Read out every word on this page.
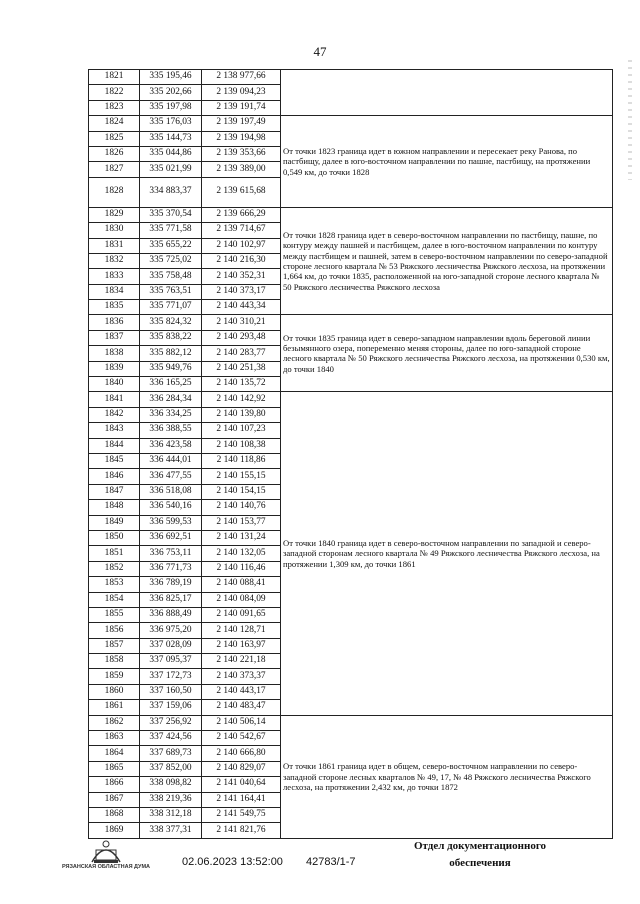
47
1821	335 195,46	2 138 977,66	
1822	335 202,66	2 139 094,23	
1823	335 197,98	2 139 191,74	
1824	335 176,03	2 139 197,49	От точки 1823 граница идет в южном направлении и пересекает реку Ранова, по пастбищу, далее в юго-восточном направлении по пашне, пастбищу, на протяжении 0,549 км, до точки 1828
1825	335 144,73	2 139 194,98	
1826	335 044,86	2 139 353,66	
1827	335 021,99	2 139 389,00	
1828	334 883,37	2 139 615,68	
1829	335 370,54	2 139 666,29	От точки 1828 граница идет в северо-восточном направлении по пастбищу, пашне, по контуру между пашней и пастбищем, далее в юго-восточном направлении по контуру между пастбищем и пашней, затем в северо-восточном направлении по северо-западной стороне лесного квартала № 53 Ряжского лесничества Ряжского лесхоза, на протяжении 1,664 км, до точки 1835, расположенной на юго-западной стороне лесного квартала № 50 Ряжского лесничества Ряжского лесхоза
1830	335 771,58	2 139 714,67	
1831	335 655,22	2 140 102,97	
1832	335 725,02	2 140 216,30	
1833	335 758,48	2 140 352,31	
1834	335 763,51	2 140 373,17	
1835	335 771,07	2 140 443,34	
1836	335 824,32	2 140 310,21	От точки 1835 граница идет в северо-западном направлении вдоль береговой линии безымянного озера, попеременно меняя стороны, далее по юго-западной стороне лесного квартала № 50 Ряжского лесничества Ряжского лесхоза, на протяжении 0,530 км, до точки 1840
1837	335 838,22	2 140 293,48	
1838	335 882,12	2 140 283,77	
1839	335 949,76	2 140 251,38	
1840	336 165,25	2 140 135,72	
1841	336 284,34	2 140 142,92	От точки 1840 граница идет в северо-восточном направлении по западной и северо-западной сторонам лесного квартала № 49 Ряжского лесничества Ряжского лесхоза, на протяжении 1,309 км, до точки 1861
1842	336 334,25	2 140 139,80	
1843	336 388,55	2 140 107,23	
1844	336 423,58	2 140 108,38	
1845	336 444,01	2 140 118,86	
1846	336 477,55	2 140 155,15	
1847	336 518,08	2 140 154,15	
1848	336 540,16	2 140 140,76	
1849	336 599,53	2 140 153,77	
1850	336 692,51	2 140 131,24	
1851	336 753,11	2 140 132,05	
1852	336 771,73	2 140 116,46	
1853	336 789,19	2 140 088,41	
1854	336 825,17	2 140 084,09	
1855	336 888,49	2 140 091,65	
1856	336 975,20	2 140 128,71	
1857	337 028,09	2 140 163,97	
1858	337 095,37	2 140 221,18	
1859	337 172,73	2 140 373,37	
1860	337 160,50	2 140 443,17	
1861	337 159,06	2 140 483,47	
1862	337 256,92	2 140 506,14	От точки 1861 граница идет в общем, северо-восточном направлении по северо-западной стороне лесных кварталов № 49, 17, № 48 Ряжского лесничества Ряжского лесхоза, на протяжении 2,432 км, до точки 1872
1863	337 424,56	2 140 542,67	
1864	337 689,73	2 140 666,80	
1865	337 852,00	2 140 829,07	
1866	338 098,82	2 141 040,64	
1867	338 219,36	2 141 164,41	
1868	338 312,18	2 141 549,75	
1869	338 377,31	2 141 821,76	
РЯЗАНСКАЯ ОБЛАСТНАЯ ДУМА	02.06.2023 13:52:00 42783/1-7
Отдел документационного
обеспечения
